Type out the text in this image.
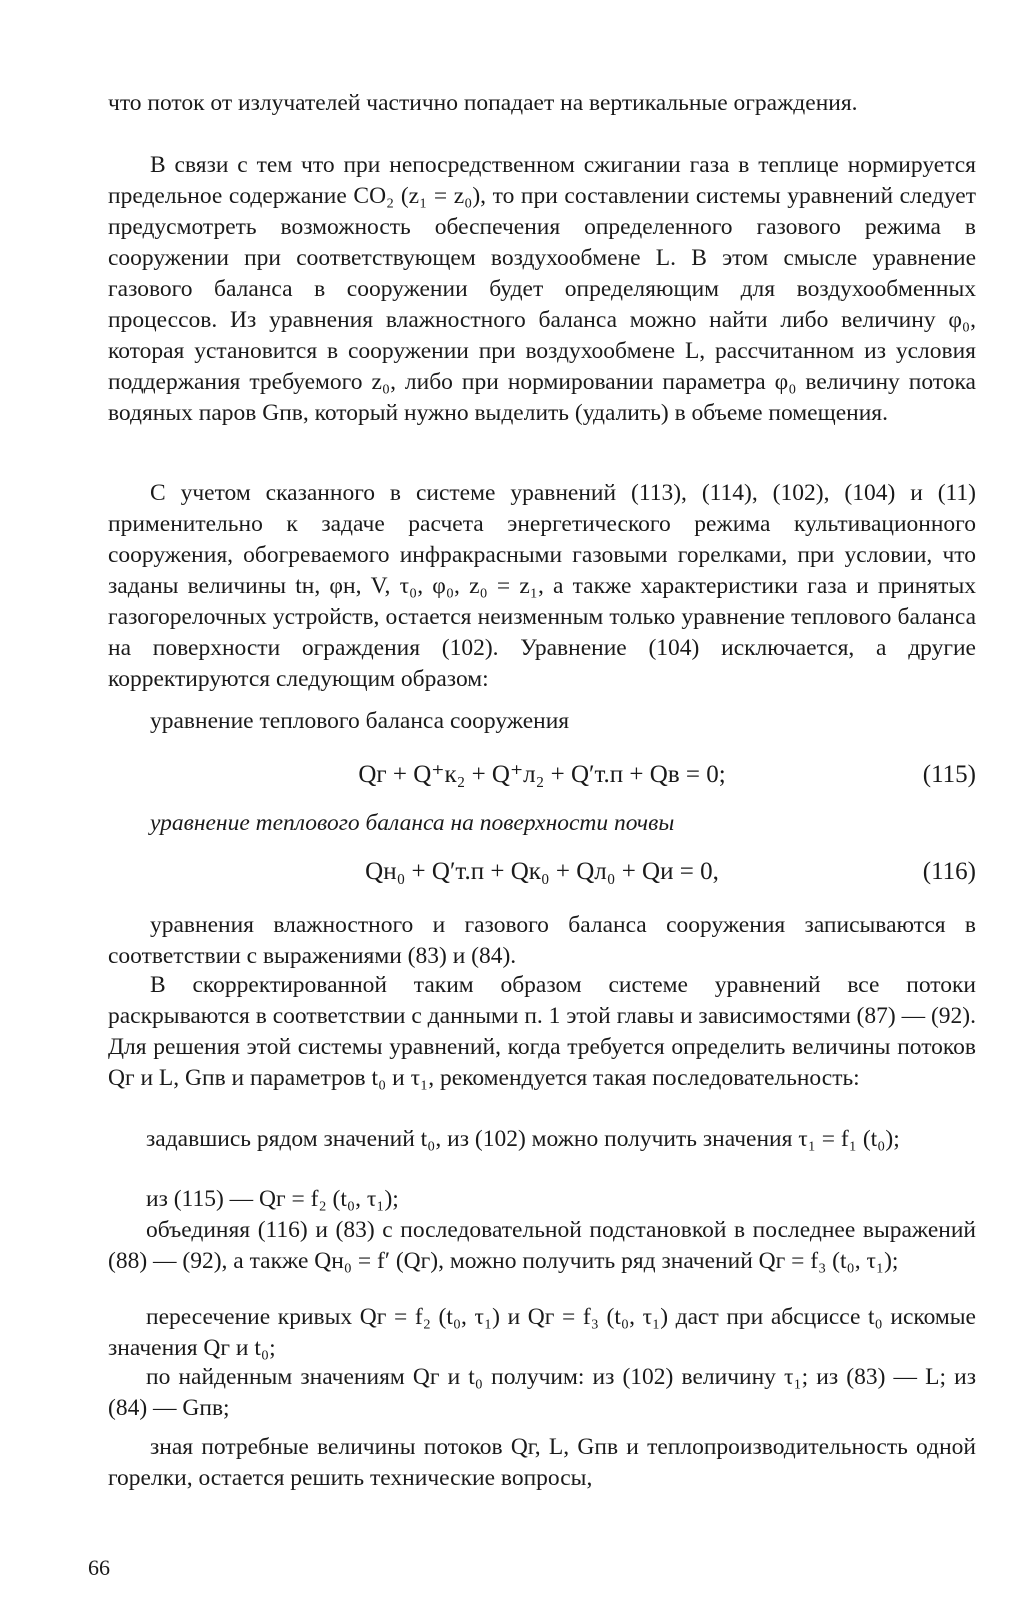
что поток от излучателей частично попадает на вертикальные ограждения.

В связи с тем что при непосредственном сжигании газа в теплице нормируется предельное содержание CO₂ (z₁ = z₀), то при составлении системы уравнений следует предусмотреть возможность обеспечения определенного газового режима в сооружении при соответствующем воздухообмене L. В этом смысле уравнение газового баланса в сооружении будет определяющим для воздухообменных процессов. Из уравнения влажностного баланса можно найти либо величину φ₀, которая установится в сооружении при воздухообмене L, рассчитанном из условия поддержания требуемого z₀, либо при нормировании параметра φ₀ величину потока водяных паров Gпв, который нужно выделить (удалить) в объеме помещения.

С учетом сказанного в системе уравнений (113), (114), (102), (104) и (11) применительно к задаче расчета энергетического режима культивационного сооружения, обогреваемого инфракрасными газовыми горелками, при условии, что заданы величины tн, φн, V, τ₀, φ₀, z₀ = z₁, а также характеристики газа и принятых газогорелочных устройств, остается неизменным только уравнение теплового баланса на поверхности ограждения (102). Уравнение (104) исключается, а другие корректируются следующим образом:

уравнение теплового баланса сооружения

Qг + Q⁺к₂ + Q⁺л₂ + Q′т.п + Qв = 0;	(115)

уравнение теплового баланса на поверхности почвы

Qн₀ + Q′т.п + Qк₀ + Qл₀ + Qи = 0,	(116)

уравнения влажностного и газового баланса сооружения записываются в соответствии с выражениями (83) и (84).

В скорректированной таким образом системе уравнений все потоки раскрываются в соответствии с данными п. 1 этой главы и зависимостями (87) — (92). Для решения этой системы уравнений, когда требуется определить величины потоков Qг и L, Gпв и параметров t₀ и τ₁, рекомендуется такая последовательность:

задавшись рядом значений t₀, из (102) можно получить значения τ₁ = f₁ (t₀);

из (115) — Qг = f₂ (t₀, τ₁);

объединяя (116) и (83) с последовательной подстановкой в последнее выражений (88) — (92), а также Qн₀ = f′ (Qг), можно получить ряд значений Qг = f₃ (t₀, τ₁);

пересечение кривых Qг = f₂ (t₀, τ₁) и Qг = f₃ (t₀, τ₁) даст при абсциссе t₀ искомые значения Qг и t₀;

по найденным значениям Qг и t₀ получим: из (102) величину τ₁; из (83) — L; из (84) — Gпв;

зная потребные величины потоков Qг, L, Gпв и теплопроизводительность одной горелки, остается решить технические вопросы,

66
